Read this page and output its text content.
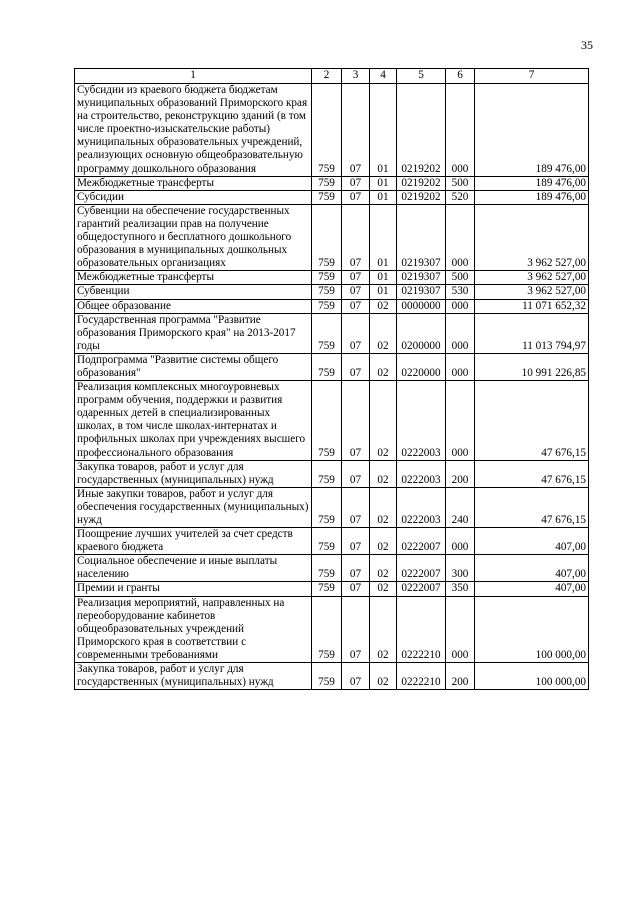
35
1	2	3	4	5	6	7
Субсидии из краевого бюджета бюджетам муниципальных образований Приморского края на строительство, реконструкцию зданий (в том числе проектно-изыскательские работы) муниципальных образовательных учреждений, реализующих основную общеобразовательную программу дошкольного образования	759	07	01	0219202	000	189 476,00
Межбюджетные трансферты	759	07	01	0219202	500	189 476,00
Субсидии	759	07	01	0219202	520	189 476,00
Субвенции на обеспечение государственных гарантий реализации прав на получение общедоступного и бесплатного дошкольного образования в муниципальных дошкольных образовательных организациях	759	07	01	0219307	000	3 962 527,00
Межбюджетные трансферты	759	07	01	0219307	500	3 962 527,00
Субвенции	759	07	01	0219307	530	3 962 527,00
Общее образование	759	07	02	0000000	000	11 071 652,32
Государственная программа "Развитие образования Приморского края" на 2013-2017 годы	759	07	02	0200000	000	11 013 794,97
Подпрограмма "Развитие системы общего образования"	759	07	02	0220000	000	10 991 226,85
Реализация комплексных многоуровневых программ обучения, поддержки и развития одаренных детей в специализированных школах, в том числе школах-интернатах и профильных школах при учреждениях высшего профессионального образования	759	07	02	0222003	000	47 676,15
Закупка товаров, работ и услуг для государственных (муниципальных) нужд	759	07	02	0222003	200	47 676,15
Иные закупки товаров, работ и услуг для обеспечения государственных (муниципальных) нужд	759	07	02	0222003	240	47 676,15
Поощрение лучших учителей за счет средств краевого бюджета	759	07	02	0222007	000	407,00
Социальное обеспечение и иные выплаты населению	759	07	02	0222007	300	407,00
Премии и гранты	759	07	02	0222007	350	407,00
Реализация мероприятий, направленных на переоборудование кабинетов общеобразовательных учреждений Приморского края в соответствии с современными требованиями	759	07	02	0222210	000	100 000,00
Закупка товаров, работ и услуг для государственных (муниципальных) нужд	759	07	02	0222210	200	100 000,00
